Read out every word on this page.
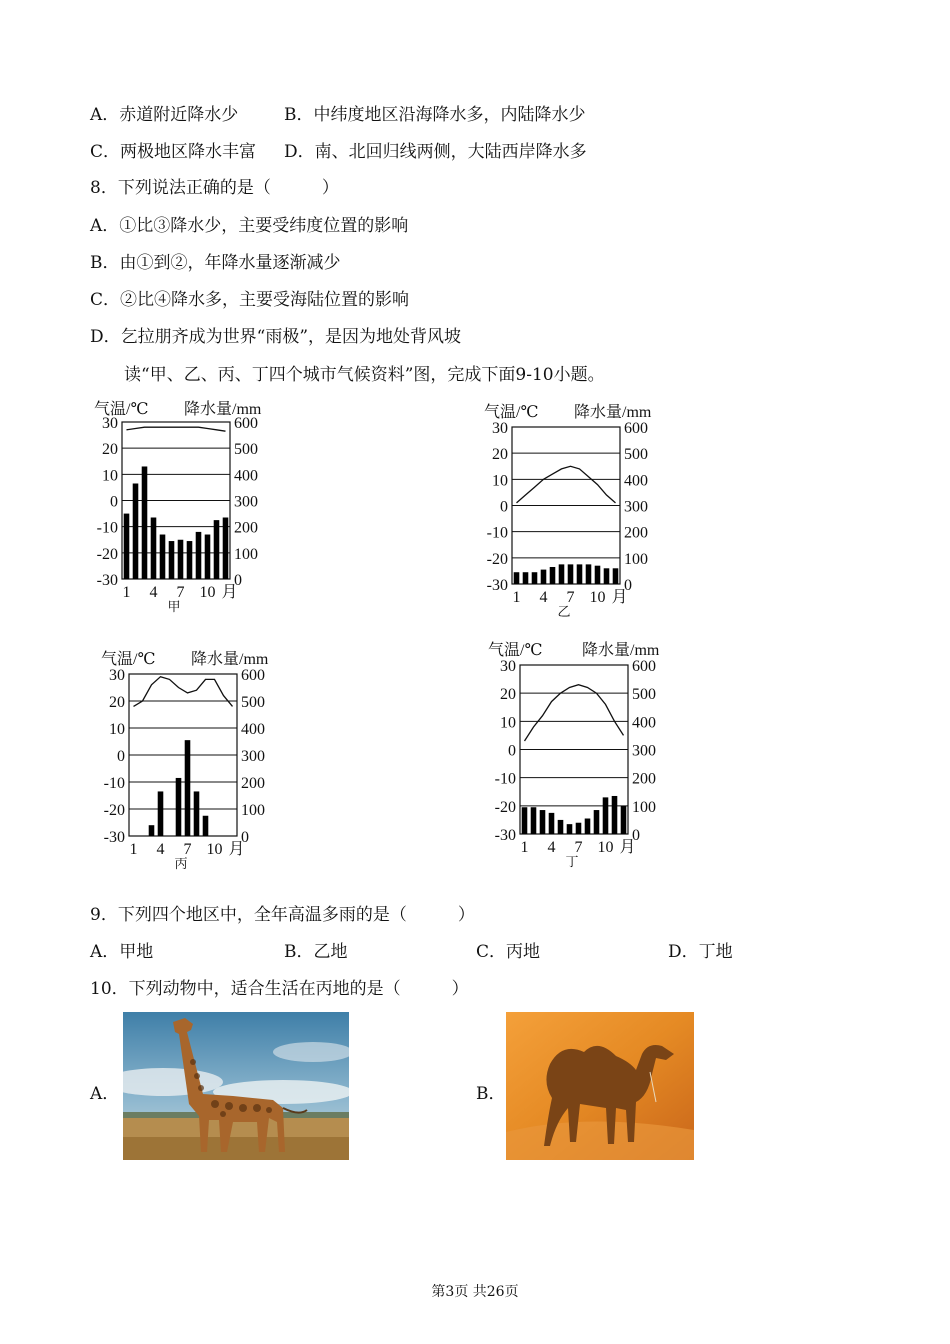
A．赤道附近降水少	B．中纬度地区沿海降水多，内陆降水少
C．两极地区降水丰富 D．南、北回归线两侧，大陆西岸降水多
8．下列说法正确的是（　　　）
A．①比③降水少，主要受纬度位置的影响
B．由①到②，年降水量逐渐减少
C．②比④降水多，主要受海陆位置的影响
D．乞拉朋齐成为世界“雨极”，是因为地处背风坡
读“甲、乙、丙、丁四个城市气候资料”图，完成下面9-10小题。
气温/℃ 降水量/mm
30
20
10
0
-10
-20
-30
600
500
400
300
200
100
0
1 4 7 10 月
甲
气温/℃ 降水量/mm
30
20
10
0
-10
-20
-30
600
500
400
300
200
100
0
1 4 7 10 月
乙
气温/℃ 降水量/mm
30
20
10
0
-10
-20
-30
600
500
400
300
200
100
0
1 4 7 10 月
丙
气温/℃ 降水量/mm
30
20
10
0
-10
-20
-30
600
500
400
300
200
100
0
1 4 7 10 月
丁
9．下列四个地区中，全年高温多雨的是（　　　）
A．甲地	B．乙地	C．丙地	D．丁地
10．下列动物中，适合生活在丙地的是（　　　）
A．	B．
第3页 共26页
